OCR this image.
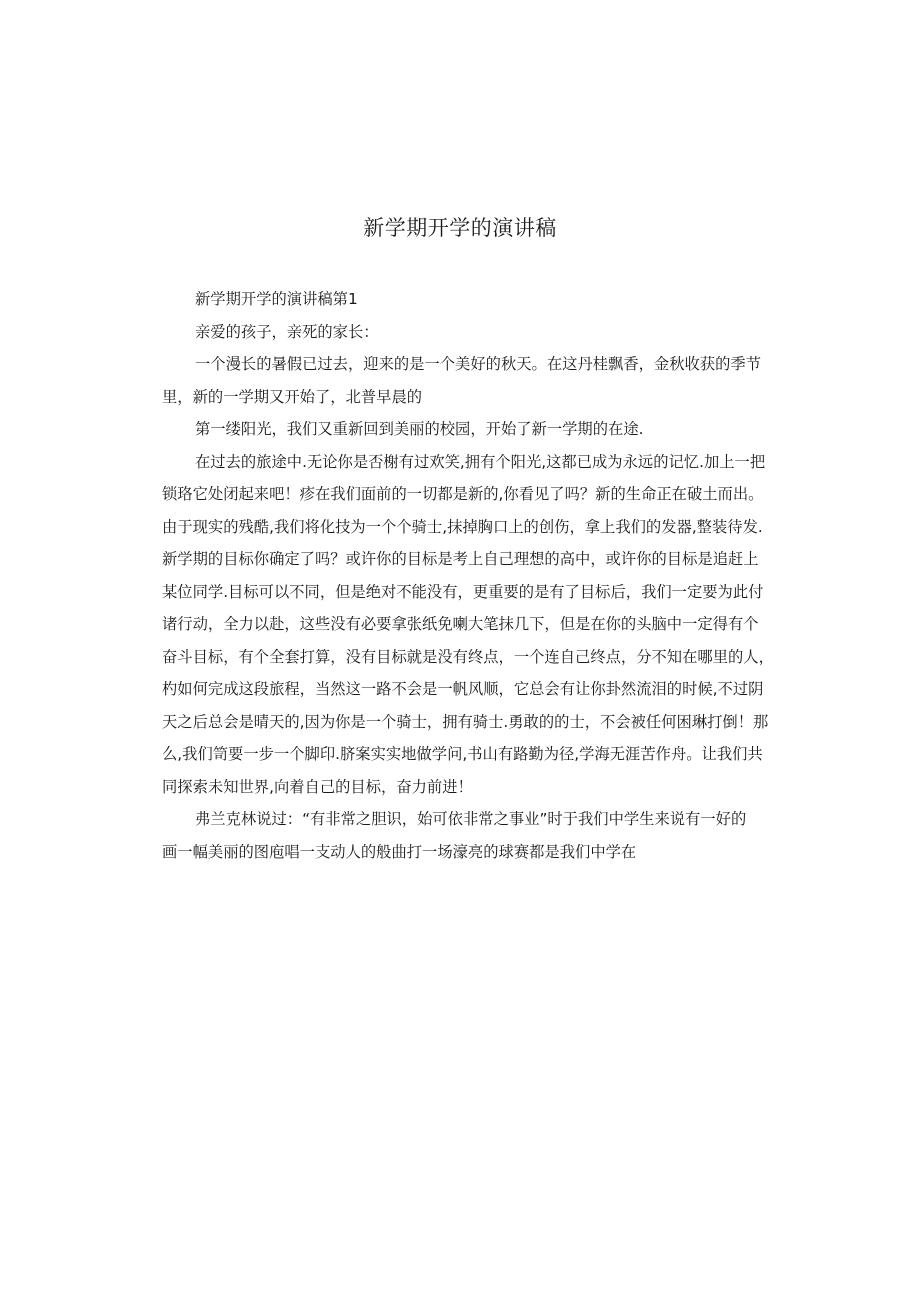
新学期开学的演讲稿
新学期开学的演讲稿第1
亲爱的孩子，亲死的家长：
一个漫长的暑假已过去，迎来的是一个美好的秋天。在这丹桂飘香，金秋收获的季节
里，新的一学期又开始了，北普早晨的
第一缕阳光，我们又重新回到美丽的校园，开始了新一学期的在途.
在过去的旅途中.无论你是否榭有过欢笑,拥有个阳光,这都已成为永远的记忆.加上一把
锁珞它处闭起来吧！疹在我们面前的一切都是新的,你看见了吗？新的生命正在破土而出。
由于现实的残酷,我们将化技为一个个骑士,抹掉胸口上的创伤，拿上我们的发器,整装待发.
新学期的目标你确定了吗？或许你的目标是考上自己理想的高中，或许你的目标是追赶上
某位同学.目标可以不同，但是绝对不能没有，更重要的是有了目标后，我们一定要为此付
诸行动，全力以赴，这些没有必要拿张纸免喇大笔抹几下，但是在你的头脑中一定得有个
奋斗目标，有个全套打算，没有目标就是没有终点，一个连自己终点，分不知在哪里的人，
杓如何完成这段旅程，当然这一路不会是一帆风顺，它总会有让你卦然流泪的时候,不过阴
天之后总会是晴天的,因为你是一个骑士，拥有骑士.勇敢的的士，不会被任何困琳打倒！那
么,我们笥要一步一个脚印.脐案实实地做学问,书山有路勤为径,学海无涯苦作舟。让我们共
同探索未知世界,向着自己的目标，奋力前进！
弗兰克林说过：“有非常之胆识，始可依非常之事业”时于我们中学生来说有一好的
画一幅美丽的图庖唱一支动人的般曲打一场濠亮的球赛都是我们中学在
